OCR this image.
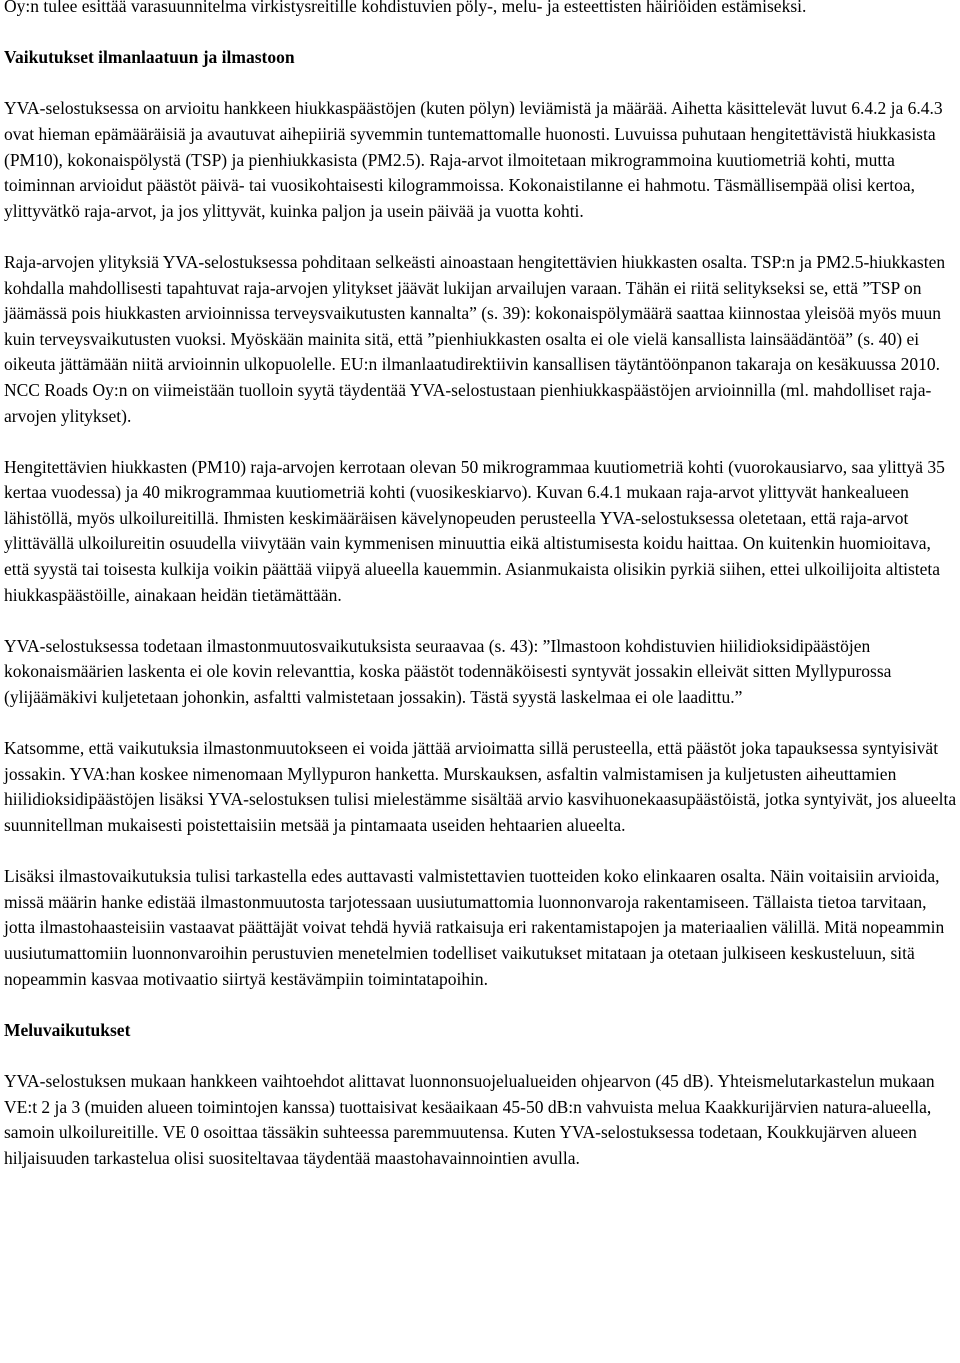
Oy:n tulee esittää varasuunnitelma virkistysreitille kohdistuvien pöly-, melu- ja esteettisten häiriöiden estämiseksi.

Vaikutukset ilmanlaatuun ja ilmastoon

YVA-selostuksessa on arvioitu hankkeen hiukkaspäästöjen (kuten pölyn) leviämistä ja määrää. Aihetta käsittelevät luvut 6.4.2 ja 6.4.3 ovat hieman epämääräisiä ja avautuvat aihepiiriä syvemmin tuntemattomalle huonosti. Luvuissa puhutaan hengitettävistä hiukkasista (PM10), kokonaispölystä (TSP) ja pienhiukkasista (PM2.5). Raja-arvot ilmoitetaan mikrogrammoina kuutiometriä kohti, mutta toiminnan arvioidut päästöt päivä- tai vuosikohtaisesti kilogrammoissa. Kokonaistilanne ei hahmotu. Täsmällisempää olisi kertoa, ylittyvätkö raja-arvot, ja jos ylittyvät, kuinka paljon ja usein päivää ja vuotta kohti.

Raja-arvojen ylityksiä YVA-selostuksessa pohditaan selkeästi ainoastaan hengitettävien hiukkasten osalta. TSP:n ja PM2.5-hiukkasten kohdalla mahdollisesti tapahtuvat raja-arvojen ylitykset jäävät lukijan arvailujen varaan. Tähän ei riitä selitykseksi se, että ”TSP on jäämässä pois hiukkasten arvioinnissa terveysvaikutusten kannalta” (s. 39): kokonaispölymäärä saattaa kiinnostaa yleisöä myös muun kuin terveysvaikutusten vuoksi. Myöskään mainita sitä, että ”pienhiukkasten osalta ei ole vielä kansallista lainsäädäntöä” (s. 40) ei oikeuta jättämään niitä arvioinnin ulkopuolelle. EU:n ilmanlaatudirektiivin kansallisen täytäntöönpanon takaraja on kesäkuussa 2010. NCC Roads Oy:n on viimeistään tuolloin syytä täydentää YVA-selostustaan pienhiukkaspäästöjen arvioinnilla (ml. mahdolliset raja-arvojen ylitykset).

Hengitettävien hiukkasten (PM10) raja-arvojen kerrotaan olevan 50 mikrogrammaa kuutiometriä kohti (vuorokausiarvo, saa ylittyä 35 kertaa vuodessa) ja 40 mikrogrammaa kuutiometriä kohti (vuosikeskiarvo). Kuvan 6.4.1 mukaan raja-arvot ylittyvät hankealueen lähistöllä, myös ulkoilureitillä. Ihmisten keskimääräisen kävelynopeuden perusteella YVA-selostuksessa oletetaan, että raja-arvot ylittävällä ulkoilureitin osuudella viivytään vain kymmenisen minuuttia eikä altistumisesta koidu haittaa. On kuitenkin huomioitava, että syystä tai toisesta kulkija voikin päättää viipyä alueella kauemmin. Asianmukaista olisikin pyrkiä siihen, ettei ulkoilijoita altisteta hiukkaspäästöille, ainakaan heidän tietämättään.

YVA-selostuksessa todetaan ilmastonmuutosvaikutuksista seuraavaa (s. 43): ”Ilmastoon kohdistuvien hiilidioksidipäästöjen kokonaismäärien laskenta ei ole kovin relevanttia, koska päästöt todennäköisesti syntyvät jossakin elleivät sitten Myllypurossa (ylijäämäkivi kuljetetaan johonkin, asfaltti valmistetaan jossakin). Tästä syystä laskelmaa ei ole laadittu.”

Katsomme, että vaikutuksia ilmastonmuutokseen ei voida jättää arvioimatta sillä perusteella, että päästöt joka tapauksessa syntyisivät jossakin. YVA:han koskee nimenomaan Myllypuron hanketta. Murskauksen, asfaltin valmistamisen ja kuljetusten aiheuttamien hiilidioksidipäästöjen lisäksi YVA-selostuksen tulisi mielestämme sisältää arvio kasvihuonekaasupäästöistä, jotka syntyivät, jos alueelta suunnitellman mukaisesti poistettaisiin metsää ja pintamaata useiden hehtaarien alueelta.

Lisäksi ilmastovaikutuksia tulisi tarkastella edes auttavasti valmistettavien tuotteiden koko elinkaaren osalta. Näin voitaisiin arvioida, missä määrin hanke edistää ilmastonmuutosta tarjotessaan uusiutumattomia luonnonvaroja rakentamiseen. Tällaista tietoa tarvitaan, jotta ilmastohaasteisiin vastaavat päättäjät voivat tehdä hyviä ratkaisuja eri rakentamistapojen ja materiaalien välillä. Mitä nopeammin uusiutumattomiin luonnonvaroihin perustuvien menetelmien todelliset vaikutukset mitataan ja otetaan julkiseen keskusteluun, sitä nopeammin kasvaa motivaatio siirtyä kestävämpiin toimintatapoihin.

Meluvaikutukset

YVA-selostuksen mukaan hankkeen vaihtoehdot alittavat luonnonsuojelualueiden ohjearvon (45 dB). Yhteismelutarkastelun mukaan VE:t 2 ja 3 (muiden alueen toimintojen kanssa) tuottaisivat kesäaikaan 45-50 dB:n vahvuista melua Kaakkurijärvien natura-alueella, samoin ulkoilureitille. VE 0 osoittaa tässäkin suhteessa paremmuutensa. Kuten YVA-selostuksessa todetaan, Koukkujärven alueen hiljaisuuden tarkastelua olisi suositeltavaa täydentää maastohavainnointien avulla.
